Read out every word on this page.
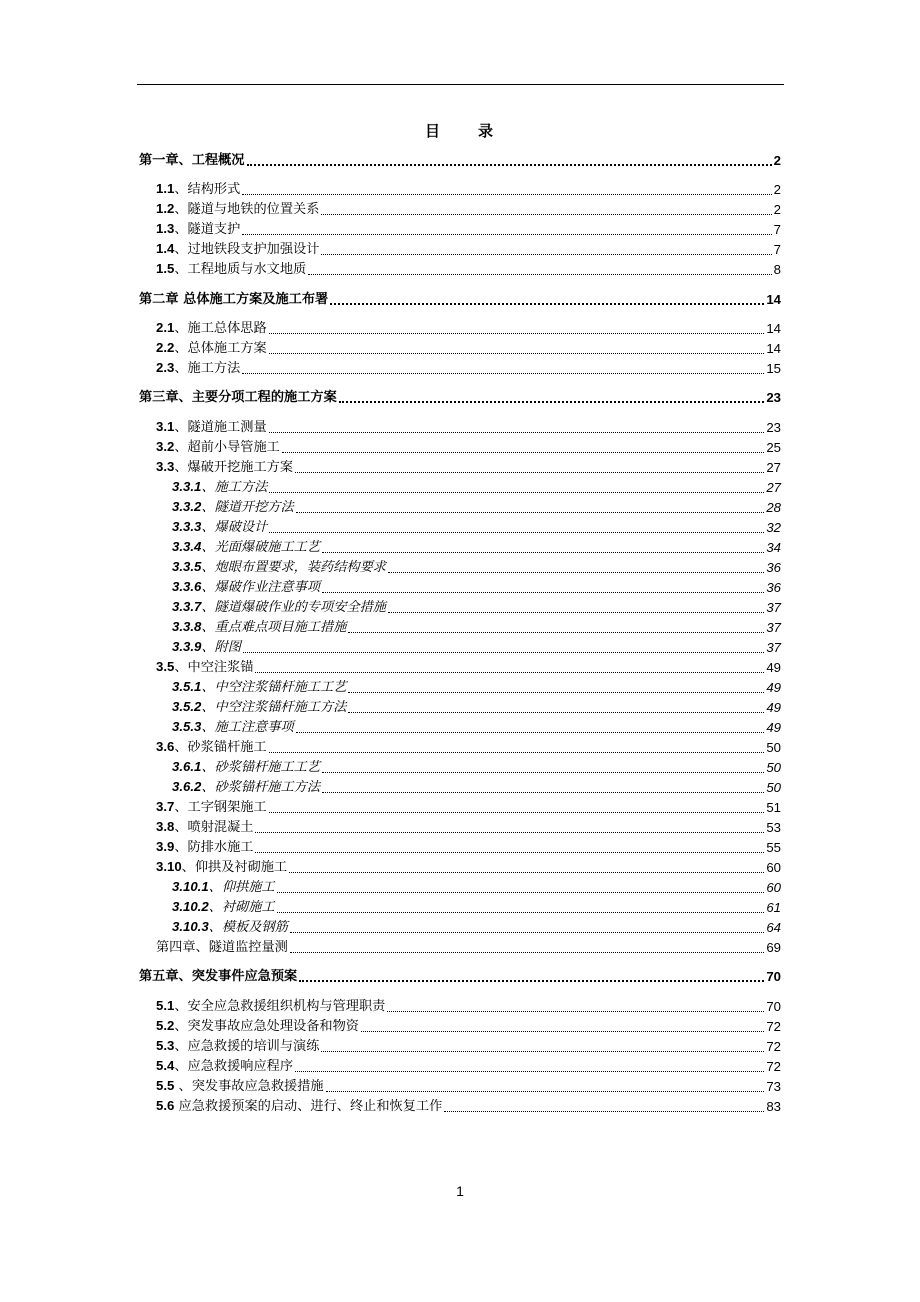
目 录
第一章、工程概况	2
1.1、结构形式	2
1.2、隧道与地铁的位置关系	2
1.3、隧道支护	7
1.4、过地铁段支护加强设计	7
1.5、工程地质与水文地质	8
第二章 总体施工方案及施工布署	14
2.1、施工总体思路	14
2.2、总体施工方案	14
2.3、施工方法	15
第三章、主要分项工程的施工方案	23
3.1、隧道施工测量	23
3.2、超前小导管施工	25
3.3、爆破开挖施工方案	27
3.3.1、施工方法	27
3.3.2、隧道开挖方法	28
3.3.3、爆破设计	32
3.3.4、光面爆破施工工艺	34
3.3.5、炮眼布置要求，装药结构要求	36
3.3.6、爆破作业注意事项	36
3.3.7、隧道爆破作业的专项安全措施	37
3.3.8、重点难点项目施工措施	37
3.3.9、附图	37
3.5、中空注浆锚	49
3.5.1、中空注浆锚杆施工工艺	49
3.5.2、中空注浆锚杆施工方法	49
3.5.3、施工注意事项	49
3.6、砂浆锚杆施工	50
3.6.1、砂浆锚杆施工工艺	50
3.6.2、砂浆锚杆施工方法	50
3.7、工字钢架施工	51
3.8、喷射混凝土	53
3.9、防排水施工	55
3.10、仰拱及衬砌施工	60
3.10.1、仰拱施工	60
3.10.2、衬砌施工	61
3.10.3、模板及钢筋	64
第四章、隧道监控量测	69
第五章、突发事件应急预案	70
5.1、安全应急救援组织机构与管理职责	70
5.2、突发事故应急处理设备和物资	72
5.3、应急救援的培训与演练	72
5.4、应急救援响应程序	72
5.5 、突发事故应急救援措施	73
5.6 应急救援预案的启动、进行、终止和恢复工作	83
1
